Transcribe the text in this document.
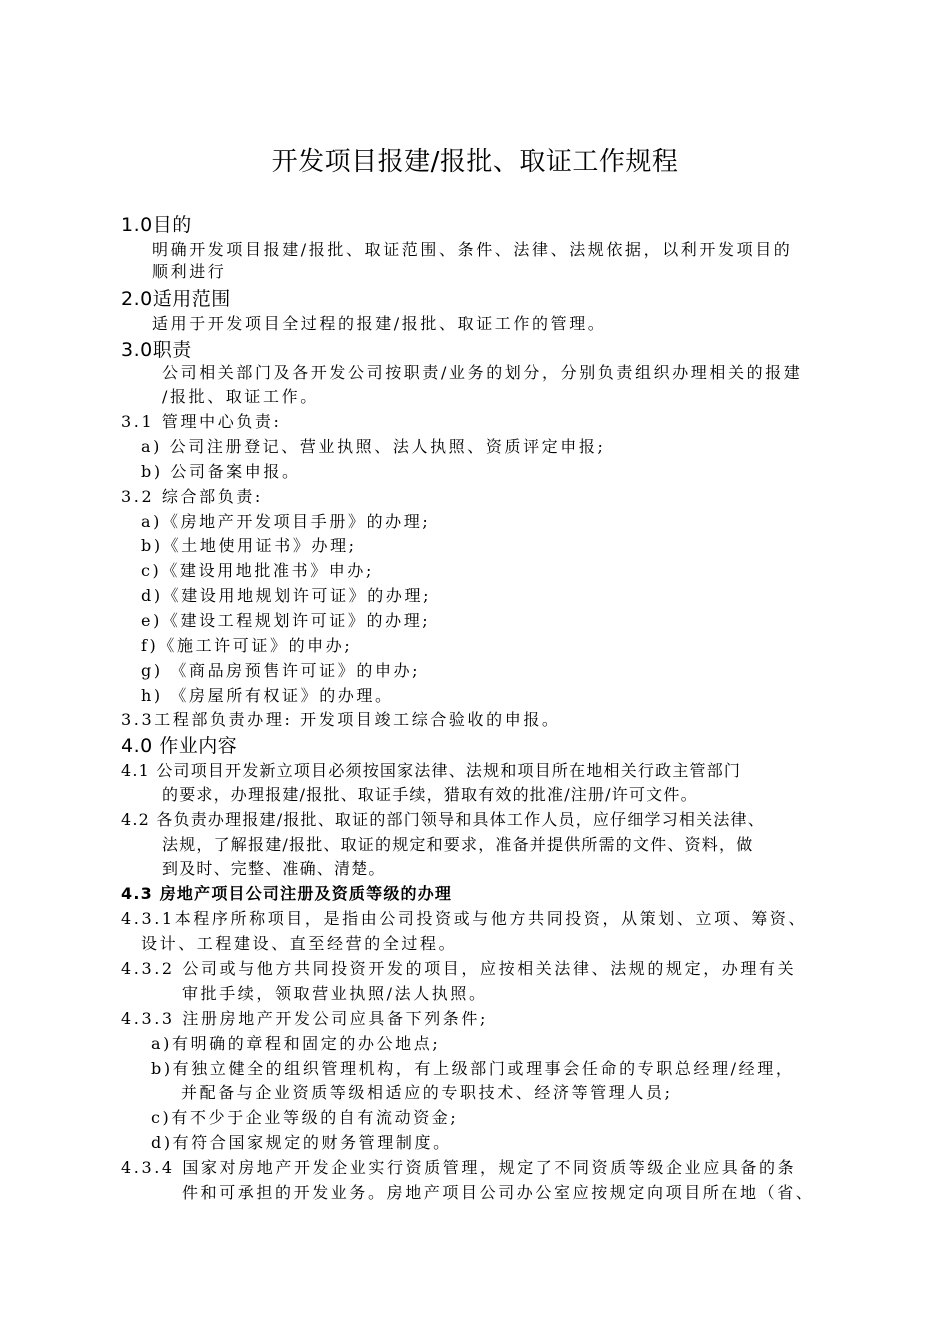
开发项目报建/报批、取证工作规程
1.0目的
明确开发项目报建/报批、取证范围、条件、法律、法规依据，以利开发项目的
顺利进行
2.0适用范围
适用于开发项目全过程的报建/报批、取证工作的管理。
3.0职责
公司相关部门及各开发公司按职责/业务的划分，分别负责组织办理相关的报建
/报批、取证工作。
3.1 管理中心负责:
a) 公司注册登记、营业执照、法人执照、资质评定申报;
b) 公司备案申报。
3.2 综合部负责:
a)《房地产开发项目手册》的办理;
b)《土地使用证书》办理;
c)《建设用地批准书》申办;
d)《建设用地规划许可证》的办理;
e)《建设工程规划许可证》的办理;
f)《施工许可证》的申办;
g) 《商品房预售许可证》的申办;
h) 《房屋所有权证》的办理。
3.3工程部负责办理: 开发项目竣工综合验收的申报。
4.0 作业内容
4.1 公司项目开发新立项目必须按国家法律、法规和项目所在地相关行政主管部门
的要求，办理报建/报批、取证手续，猎取有效的批准/注册/许可文件。
4.2 各负责办理报建/报批、取证的部门领导和具体工作人员，应仔细学习相关法律、
法规，了解报建/报批、取证的规定和要求，准备并提供所需的文件、资料，做
到及时、完整、准确、清楚。
4.3 房地产项目公司注册及资质等级的办理
4.3.1本程序所称项目，是指由公司投资或与他方共同投资，从策划、立项、筹资、
设计、工程建设、直至经营的全过程。
4.3.2 公司或与他方共同投资开发的项目，应按相关法律、法规的规定，办理有关
审批手续，领取营业执照/法人执照。
4.3.3 注册房地产开发公司应具备下列条件;
a)有明确的章程和固定的办公地点;
b)有独立健全的组织管理机构，有上级部门或理事会任命的专职总经理/经理，
并配备与企业资质等级相适应的专职技术、经济等管理人员;
c)有不少于企业等级的自有流动资金;
d)有符合国家规定的财务管理制度。
4.3.4 国家对房地产开发企业实行资质管理，规定了不同资质等级企业应具备的条
件和可承担的开发业务。房地产项目公司办公室应按规定向项目所在地（省、
